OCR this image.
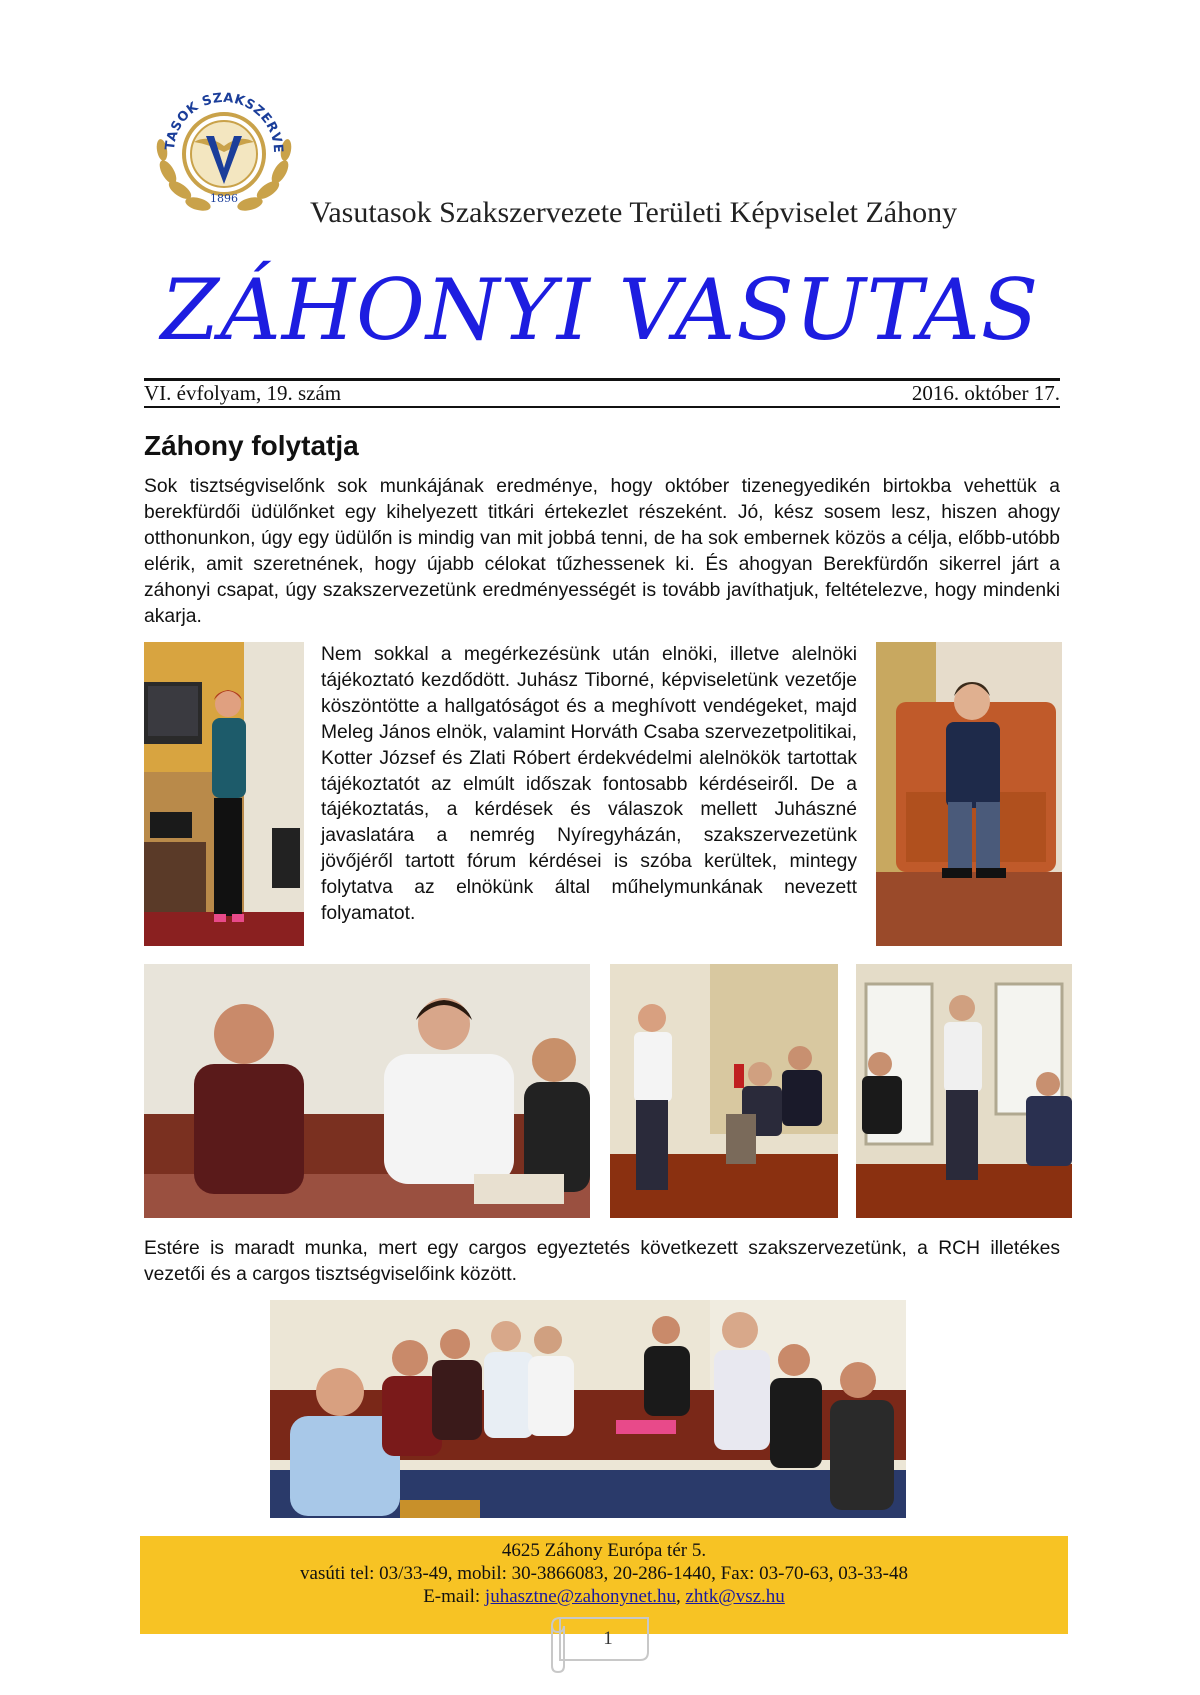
TASOK SZAKSZERVE
1896 Vasutasok Szakszervezete Területi Képviselet Záhony
ZÁHONYI VASUTAS
VI. évfolyam, 19. szám	2016. október 17.
Záhony folytatja

Sok tisztségviselőnk sok munkájának eredménye, hogy október tizenegyedikén birtokba vehettük a berekfürdői üdülőnket egy kihelyezett titkári értekezlet részeként. Jó, kész sosem lesz, hiszen ahogy otthonunkon, úgy egy üdülőn is mindig van mit jobbá tenni, de ha sok embernek közös a célja, előbb-utóbb elérik, amit szeretnének, hogy újabb célokat tűzhessenek ki. És ahogyan Berekfürdőn sikerrel járt a záhonyi csapat, úgy szakszervezetünk eredményességét is tovább javíthatjuk, feltételezve, hogy mindenki akarja.

Nem sokkal a megérkezésünk után elnöki, illetve alelnöki tájékoztató kezdődött. Juhász Tiborné, képviseletünk vezetője köszöntötte a hallgatóságot és a meghívott vendégeket, majd Meleg János elnök, valamint Horváth Csaba szervezetpolitikai, Kotter József és Zlati Róbert érdekvédelmi alelnökök tartottak tájékoztatót az elmúlt időszak fontosabb kérdéseiről. De a tájékoztatás, a kérdések és válaszok mellett Juhászné javaslatára a nemrég Nyíregyházán, szakszervezetünk jövőjéről tartott fórum kérdései is szóba kerültek, mintegy folytatva az elnökünk által műhelymunkának nevezett folyamatot.

Estére is maradt munka, mert egy cargos egyeztetés következett szakszervezetünk, a RCH illetékes vezetői és a cargos tisztségviselőink között.

4625 Záhony Európa tér 5.
vasúti tel: 03/33-49, mobil: 30-3866083, 20-286-1440, Fax: 03-70-63, 03-33-48
E-mail: juhasztne@zahonynet.hu, zhtk@vsz.hu
1
